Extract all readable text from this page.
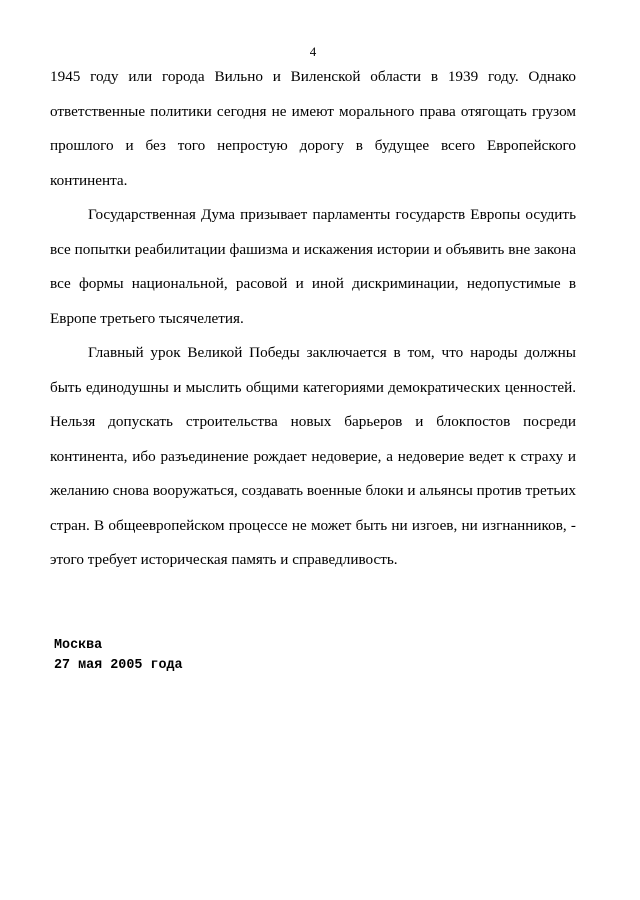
4

1945 году или города Вильно и Виленской области в 1939 году. Однако ответственные политики сегодня не имеют морального права отягощать грузом прошлого и без того непростую дорогу в будущее всего Европейского континента.

Государственная Дума призывает парламенты государств Европы осудить все попытки реабилитации фашизма и искажения истории и объявить вне закона все формы национальной, расовой и иной дискриминации, недопустимые в Европе третьего тысячелетия.

Главный урок Великой Победы заключается в том, что народы должны быть единодушны и мыслить общими категориями демократических ценностей. Нельзя допускать строительства новых барьеров и блокпостов посреди континента, ибо разъединение рождает недоверие, а недоверие ведет к страху и желанию снова вооружаться, создавать военные блоки и альянсы против третьих стран. В общеевропейском процессе не может быть ни изгоев, ни изгнанников, - этого требует историческая память и справедливость.

Москва
27 мая 2005 года
